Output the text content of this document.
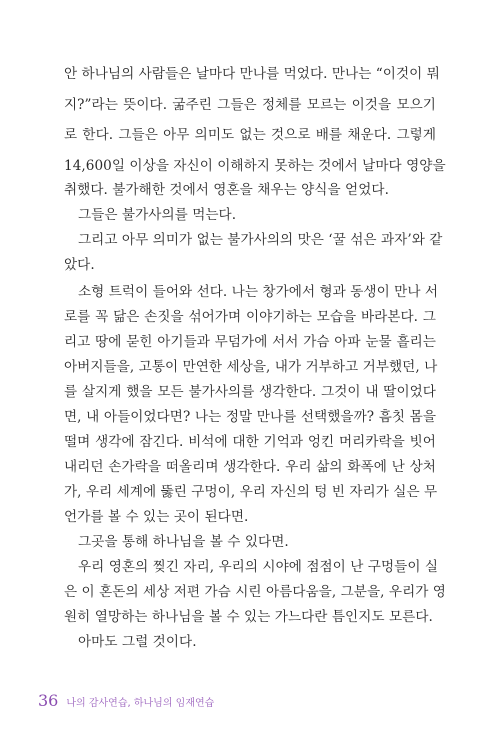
안 하나님의 사람들은 날마다 만나를 먹었다. 만나는 “이것이 뭐

지?”라는 뜻이다. 굶주린 그들은 정체를 모르는 이것을 모으기

로 한다. 그들은 아무 의미도 없는 것으로 배를 채운다. 그렇게

14,600일 이상을 자신이 이해하지 못하는 것에서 날마다 영양을

취했다. 불가해한 것에서 영혼을 채우는 양식을 얻었다.

그들은 불가사의를 먹는다.

그리고 아무 의미가 없는 불가사의의 맛은 ‘꿀 섞은 과자’와 같

았다.

소형 트럭이 들어와 선다. 나는 창가에서 형과 동생이 만나 서

로를 꼭 닮은 손짓을 섞어가며 이야기하는 모습을 바라본다. 그

리고 땅에 묻힌 아기들과 무덤가에 서서 가슴 아파 눈물 흘리는

아버지들을, 고통이 만연한 세상을, 내가 거부하고 거부했던, 나

를 살지게 했을 모든 불가사의를 생각한다. 그것이 내 딸이었다

면, 내 아들이었다면? 나는 정말 만나를 선택했을까? 흠칫 몸을

떨며 생각에 잠긴다. 비석에 대한 기억과 엉킨 머리카락을 빗어

내리던 손가락을 떠올리며 생각한다. 우리 삶의 화폭에 난 상처

가, 우리 세계에 뚫린 구멍이, 우리 자신의 텅 빈 자리가 실은 무

언가를 볼 수 있는 곳이 된다면.

그곳을 통해 하나님을 볼 수 있다면.

우리 영혼의 찢긴 자리, 우리의 시야에 점점이 난 구멍들이 실

은 이 혼돈의 세상 저편 가슴 시린 아름다움을, 그분을, 우리가 영

원히 열망하는 하나님을 볼 수 있는 가느다란 틈인지도 모른다.

아마도 그럴 것이다.

36 나의 감사연습, 하나님의 임재연습
